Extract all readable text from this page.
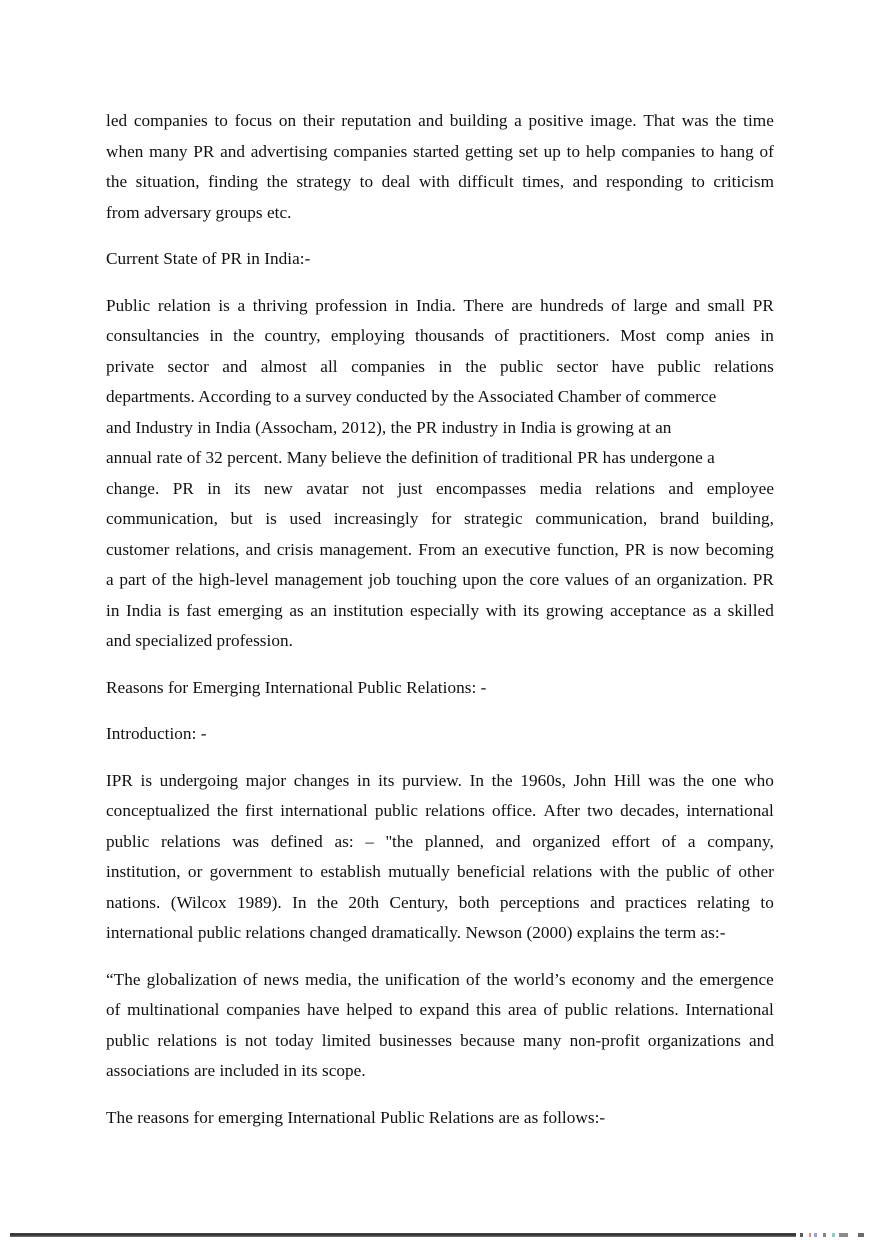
led companies to focus on their reputation and building a positive image. That was the time
when many PR and advertising companies started getting set up to help companies to hang of
the situation, finding the strategy to deal with difficult times, and responding to criticism
from adversary groups etc.
Current State of PR in India:-
Public relation is a thriving profession in India. There are hundreds of large and small PR
consultancies in the country, employing thousands of practitioners. Most comp anies in
private sector and almost all companies in the public sector have public relations
departments. According to a survey conducted by the Associated Chamber of commerce
and Industry in India (Assocham, 2012), the PR industry in India is growing at an
annual rate of 32 percent. Many believe the definition of traditional PR has undergone a
change. PR in its new avatar not just encompasses media relations and employee
communication, but is used increasingly for strategic communication, brand building,
customer relations, and crisis management. From an executive function, PR is now becoming
a part of the high-level management job touching upon the core values of an organization. PR
in India is fast emerging as an institution especially with its growing acceptance as a skilled
and specialized profession.
Reasons for Emerging International Public Relations: -
Introduction: -
IPR is undergoing major changes in its purview. In the 1960s, John Hill was the one who
conceptualized the first international public relations office. After two decades, international
public relations was defined as: – ''the planned, and organized effort of a company,
institution, or government to establish mutually beneficial relations with the public of other
nations. (Wilcox 1989). In the 20th Century, both perceptions and practices relating to
international public relations changed dramatically. Newson (2000) explains the term as:-
“The globalization of news media, the unification of the world’s economy and the emergence
of multinational companies have helped to expand this area of public relations. International
public relations is not today limited businesses because many non-profit organizations and
associations are included in its scope.
The reasons for emerging International Public Relations are as follows:-
